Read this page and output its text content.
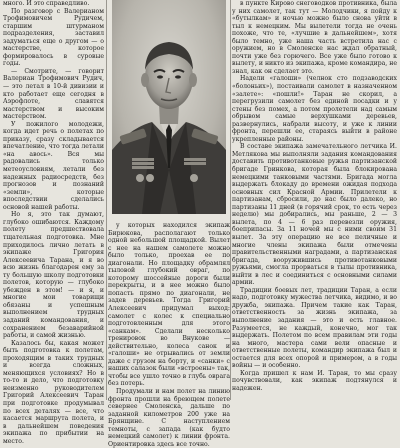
много. И это справедливо.

По разговор с Валерианом Трофимовичем Рудичем, старшим штурманом подразделения, заставил задуматься еще о другом — о мастерстве, которое формировалось в суровые годы.

— Смотрите, — говорит Валериан Трофимович Рудич, — это летал в 10-й дивизии и кто работает еще сегодня в Аэрофлоте, славятся мастерством и высоким мастерством.

У пожилого молодежи, когда идет речь о полетах по приказу, сразу складывается впечатление, что тогда летали «на авось». Вся мы радовались только метеоусловиям, летали без надежных радиосредств, без прогнозов и познаний «земли», которые впоследствии сделались основой нашей работы.

Но я, это так думают, глубоко ошибаются. Каждому полету предшествовала тщательная подготовка. Мне приходилось лично летать в экипаже Григория Алексеевича Тарана, и я во всю жизнь благодарен ему за ту большую школу подготовки полетов, которую — глубоко убежден в этом! — и я, и многие мои товарищи обязаны и успешным выполнением трудных заданий командования, и сохранением безаварийной работы, и самой жизнью.

Казалось бы, какая может быть подготовка к полетам, проходящим в таких трудных и всегда сложных, меняющихся условиях? Но в то-то и дело, что подготовку неизменно руководителем Григорий Алексеевич Таран при подготовке продумывал по всех деталях — все, что касается маршрута полета, и в дальнейшем поведения экипажа по прибытии на место.

у которых находился экипаж Бирюкова, располагают только одной небольшой площадкой. Вылет с нее на нашем самолете можно было только, проехав ее по диагонали. Но площадку обрамлял тыловой глубокий овраг, по которому шоссейные дороги были перекрыты, и в нее можно было попасть прямо по диагонали, не задев деревьев. Тогда Григорий Алексеевич придумал выход: самолет с колес к специально подготовленным для этого «санкам». Сделали несколько тренировок во Внукове — действительно, колеса санок и «галоши» не отрывались от земли даже с грузом на борту, и «санки» с наших салазок были «встроены» так, чтобы все ушло точно в глубь оврага без потерь.

Продумали и нам полет на линию фронта прошли на бреющем полете севернее Смоленска, дальше по заданной километров 200 уже на Брянщине. С наступлением темноты, с запада (как будто немецкий самолет) к линии фронта. Ориентировка здесь все точно.

в пункте Кирово снеговодков противника, была у них самолет, так тут — Молодчики, я пойду к «бутылкам» и ночью можно было снова уйти в тыл к немецким. Мы вылетели тогда не очень похоже, что те, «лучшие в дальнейшем», хотя было темно, уже наша часть встретила нас с оружием, но в Смоленске нас ждал обратный, почти уже без горючего. Все уже было готово к вылету, и никто из экипажа, кроме командира, не знал, как он сделает это.

Надели «галоши» (челнок сто подзаводских «болоньих»), постаивали самолет в назначенном «залете»: «пошли!» Таран не скорил, а перегрузили самолет без единой посадки и у стены без помех, а потом пролетели над самым обрывом самые верхушками деревьев, развернулись, набрали высоту, и уже к линии фронта, перешли ее, стараясь выйти в районе укрепленные районы.

В составе экипажа замечательного летчика И. Метлякова мы выполняли задания командования доставить противотанковые ружья партизанской бригаде Гринкова, которая была блокирована немецкими танковыми частями. Бригада могла выдержать блокаду до времени ожидая подхода основных сил Красной Армии. Прилетели к партизанам, сбросили, до нас было далеко, но партизаны 11 дней (в горячий срок, то есть через неделю) мы добирались, мы раньше, 2 — 3 вылета, по 4 — 6 раз перевезли оружия, боеприпасы. За 11 ночей мы с ними своим 31 вылет. За эту операцию не все пеличные и многие члены экипажа были отмечены правительственными наградами, а партизанская бригада, вооружившись противотанковыми ружьями, смогла прорваться в тылы противника, выйти в лес и соединиться с основными силами армии.

Традиции боевых лет, традиции Таран, а если надо, подготовку мужества летчика, видимо, и во дружба, экипажа. Причем такие как Таран, ответственность за жизнь экипажа, за выполнение задания — это и есть главное. Разумеется, не каждый, конечно, мог так выдержать. Полетом по всем правилам эти годы на много, мастера сами вели опасные и ответственные полеты, командир экипажа был и остается для всех опорой и примером, а в годы войны — и особенно.

Когда пришел к нам И. Таран, то мы сразу почувствовали, как экипаж подтянулся и надежен.
